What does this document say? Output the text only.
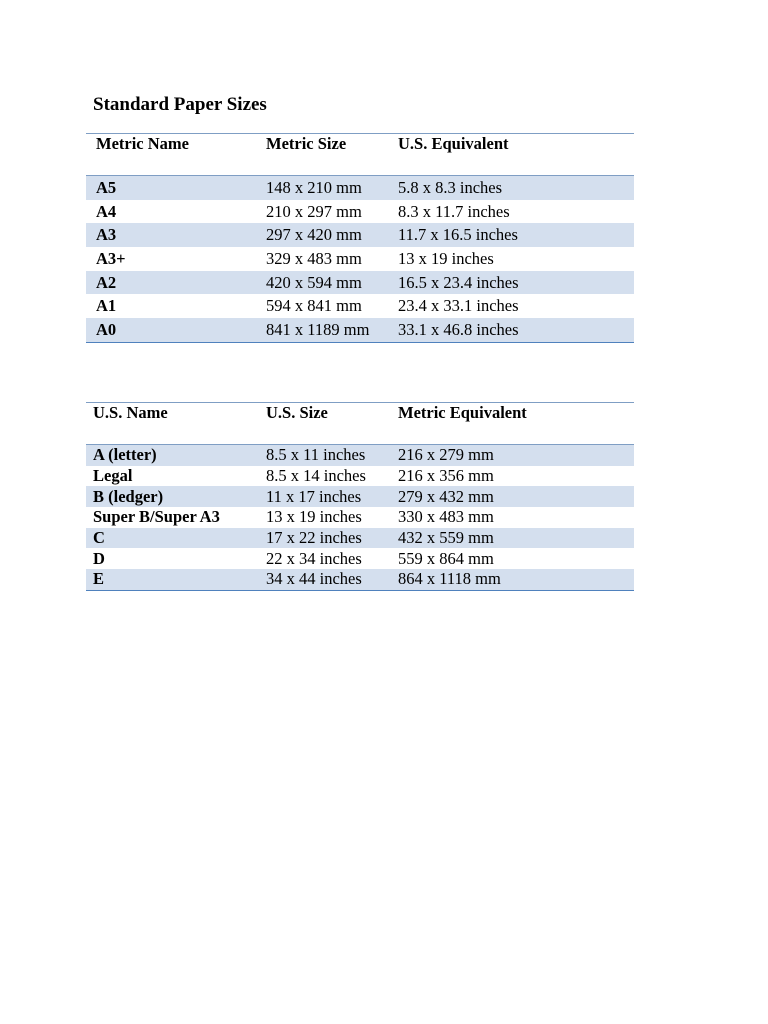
Standard Paper Sizes
Metric Name	Metric Size	U.S. Equivalent
A5	148 x 210 mm	5.8 x 8.3 inches
A4	210 x 297 mm	8.3 x 11.7 inches
A3	297 x 420 mm	11.7 x 16.5 inches
A3+	329 x 483 mm	13 x 19 inches
A2	420 x 594 mm	16.5 x 23.4 inches
A1	594 x 841 mm	23.4 x 33.1 inches
A0	841 x 1189 mm	33.1 x 46.8 inches
U.S. Name	U.S. Size	Metric Equivalent
A (letter)	8.5 x 11 inches	216 x 279 mm
Legal	8.5 x 14 inches	216 x 356 mm
B (ledger)	11 x 17 inches	279 x 432 mm
Super B/Super A3	13 x 19 inches	330 x 483 mm
C	17 x 22 inches	432 x 559 mm
D	22 x 34 inches	559 x 864 mm
E	34 x 44 inches	864 x 1118 mm
